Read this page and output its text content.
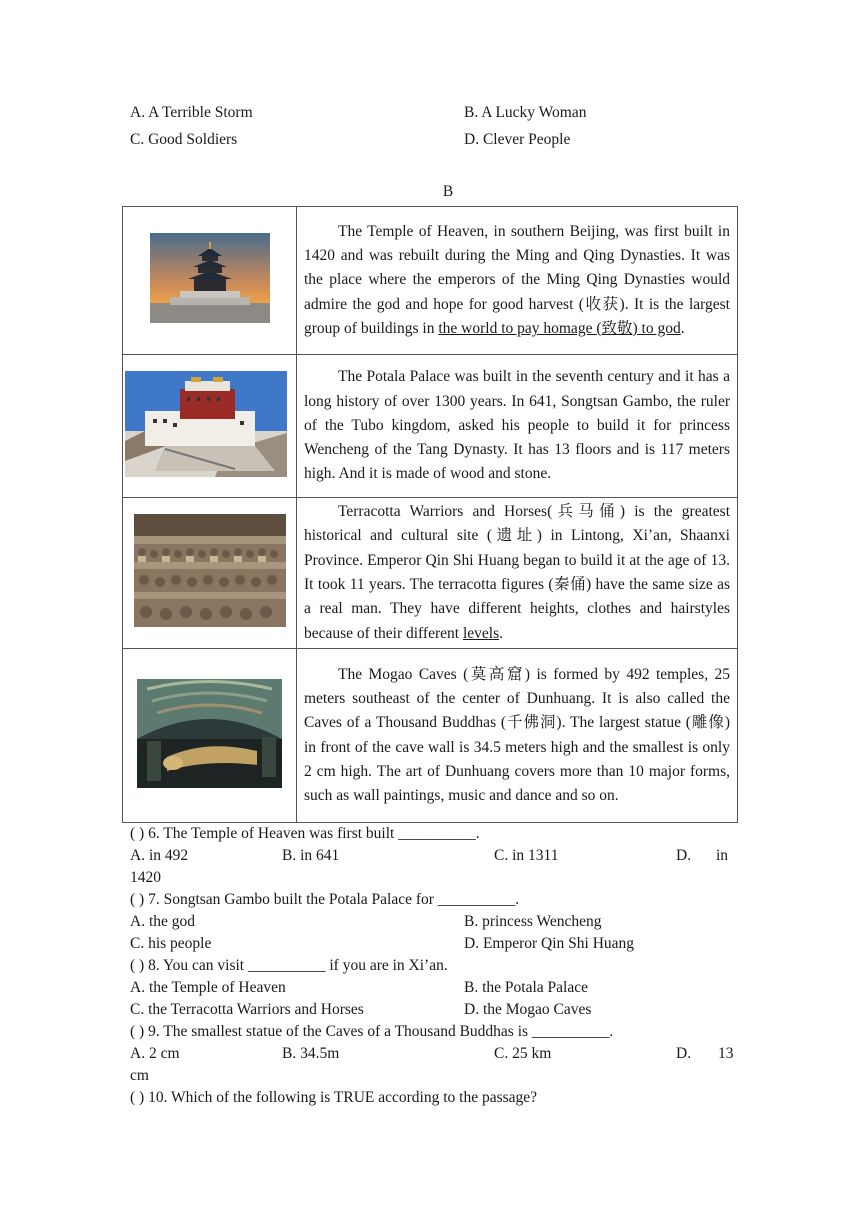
A. A Terrible Storm	B. A Lucky Woman
C. Good Soldiers	D. Clever People
B
	The Temple of Heaven, in southern Beijing, was first built in 1420 and was rebuilt during the Ming and Qing Dynasties. It was the place where the emperors of the Ming Qing Dynasties would admire the god and hope for good harvest (收获). It is the largest group of buildings in the world to pay homage (致敬) to god.
	The Potala Palace was built in the seventh century and it has a long history of over 1300 years. In 641, Songtsan Gambo, the ruler of the Tubo kingdom, asked his people to build it for princess Wencheng of the Tang Dynasty. It has 13 floors and is 117 meters high. And it is made of wood and stone.
	Terracotta Warriors and Horses(兵马俑) is the greatest historical and cultural site (遗址) in Lintong, Xi’an, Shaanxi Province. Emperor Qin Shi Huang began to build it at the age of 13. It took 11 years. The terracotta figures (秦俑) have the same size as a real man. They have different heights, clothes and hairstyles because of their different levels.
	The Mogao Caves (莫高窟) is formed by 492 temples, 25 meters southeast of the center of Dunhuang. It is also called the Caves of a Thousand Buddhas (千佛洞). The largest statue (雕像) in front of the cave wall is 34.5 meters high and the smallest is only 2 cm high. The art of Dunhuang covers more than 10 major forms, such as wall paintings, music and dance and so on.
( ) 6. The Temple of Heaven was first built __________.
A. in 492	B. in 641	C. in 1311	D. in
1420
( ) 7. Songtsan Gambo built the Potala Palace for __________.
A. the god	B. princess Wencheng
C. his people	D. Emperor Qin Shi Huang
( ) 8. You can visit __________ if you are in Xi’an.
A. the Temple of Heaven	B. the Potala Palace
C. the Terracotta Warriors and Horses	D. the Mogao Caves
( ) 9. The smallest statue of the Caves of a Thousand Buddhas is __________.
A. 2 cm	B. 34.5m	C. 25 km	D. 13
cm
( ) 10. Which of the following is TRUE according to the passage?
